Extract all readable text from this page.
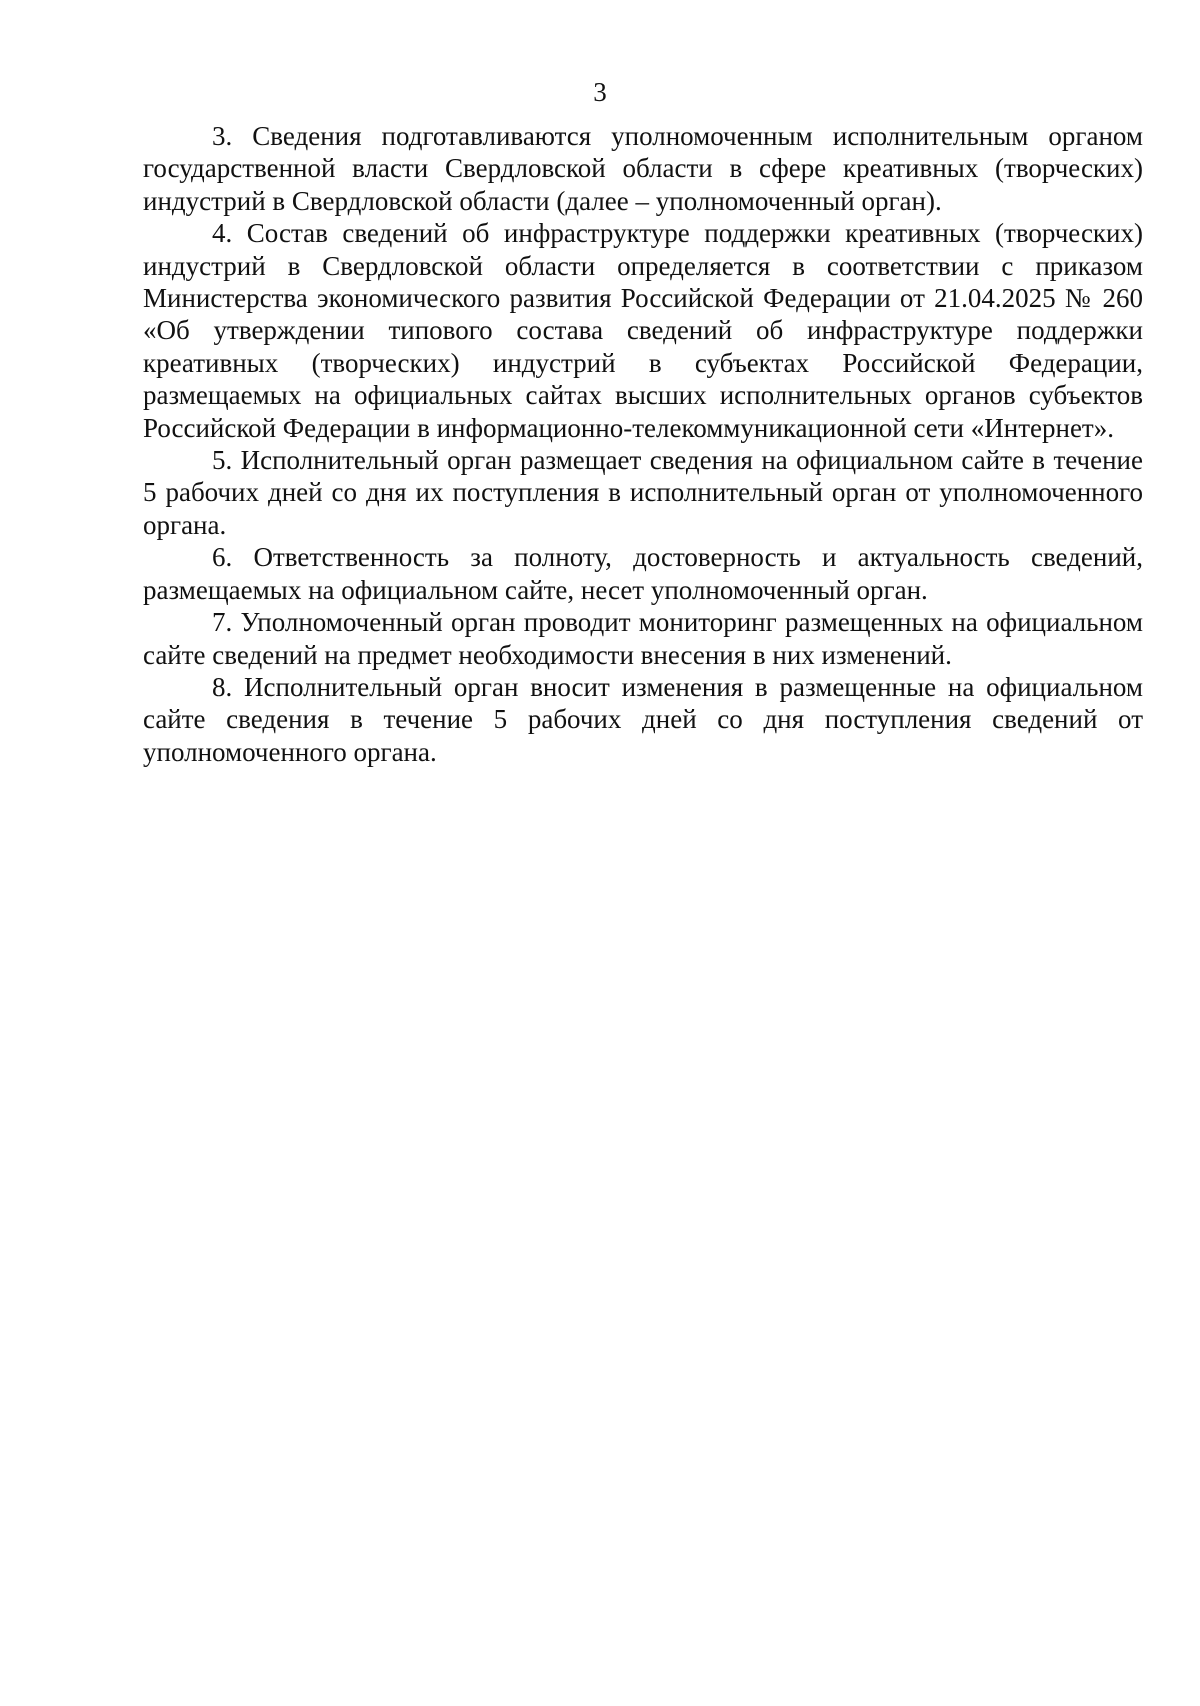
3

3. Сведения подготавливаются уполномоченным исполнительным органом государственной власти Свердловской области в сфере креативных (творческих) индустрий в Свердловской области (далее – уполномоченный орган).

4. Состав сведений об инфраструктуре поддержки креативных (творческих) индустрий в Свердловской области определяется в соответствии с приказом Министерства экономического развития Российской Федерации от 21.04.2025 № 260 «Об утверждении типового состава сведений об инфраструктуре поддержки креативных (творческих) индустрий в субъектах Российской Федерации, размещаемых на официальных сайтах высших исполнительных органов субъектов Российской Федерации в информационно-телекоммуникационной сети «Интернет».

5. Исполнительный орган размещает сведения на официальном сайте в течение 5 рабочих дней со дня их поступления в исполнительный орган от уполномоченного органа.

6. Ответственность за полноту, достоверность и актуальность сведений, размещаемых на официальном сайте, несет уполномоченный орган.

7. Уполномоченный орган проводит мониторинг размещенных на официальном сайте сведений на предмет необходимости внесения в них изменений.

8. Исполнительный орган вносит изменения в размещенные на официальном сайте сведения в течение 5 рабочих дней со дня поступления сведений от уполномоченного органа.
